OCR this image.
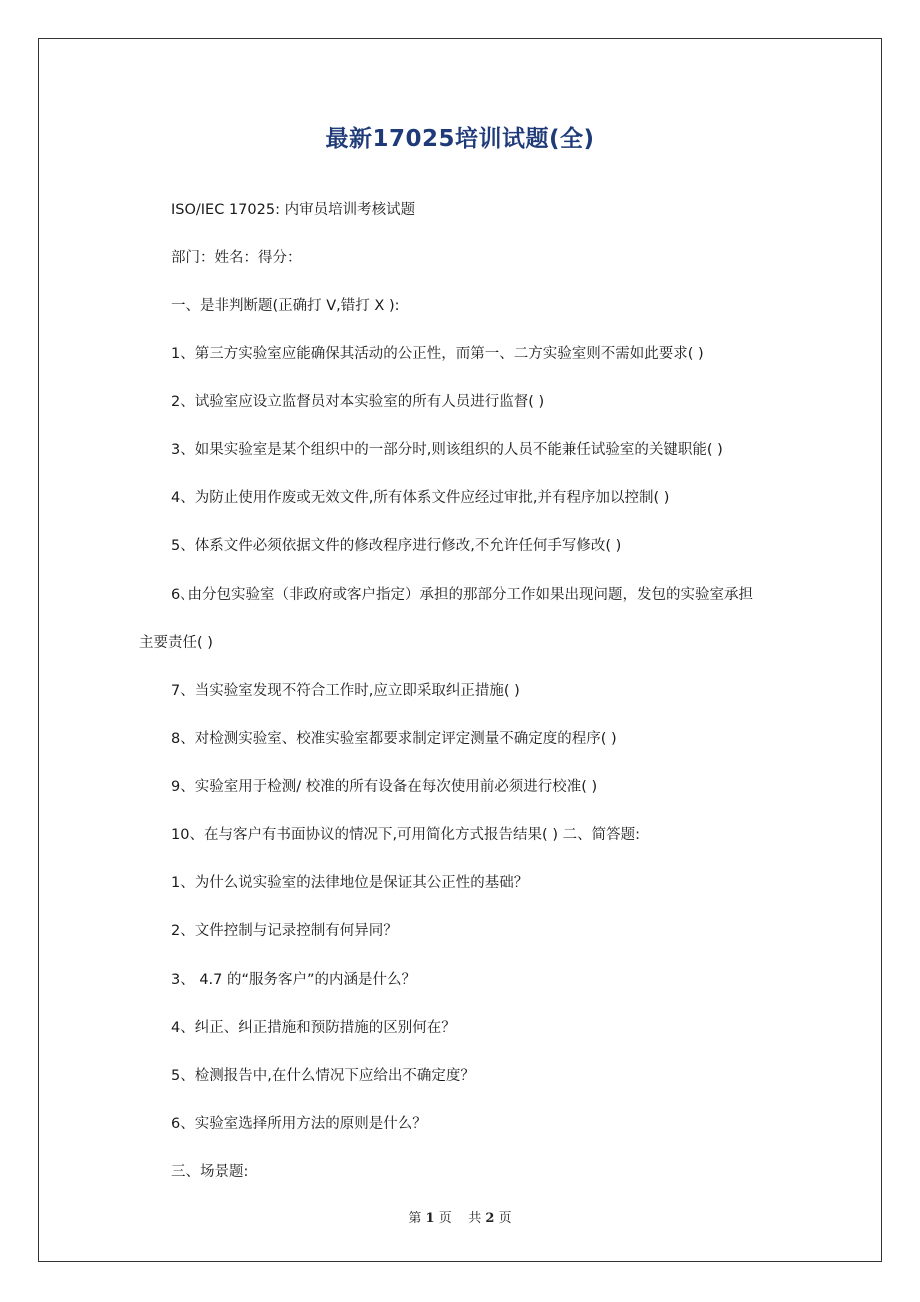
最新17025培训试题(全)
ISO/IEC 17025: 内审员培训考核试题
部门：姓名：得分：
一、是非判断题(正确打 V,错打 X ):
1、第三方实验室应能确保其活动的公正性，而第一、二方实验室则不需如此要求( )
2、试验室应设立监督员对本实验室的所有人员进行监督( )
3、如果实验室是某个组织中的一部分时,则该组织的人员不能兼任试验室的关键职能( )
4、为防止使用作废或无效文件,所有体系文件应经过审批,并有程序加以控制( )
5、体系文件必须依据文件的修改程序进行修改,不允许任何手写修改( )
6､由分包实验室（非政府或客户指定）承担的那部分工作如果出现问题，发包的实验室承担
主要责任( )
7、当实验室发现不符合工作时,应立即采取纠正措施( )
8、对检测实验室、校准实验室都要求制定评定测量不确定度的程序( )
9、实验室用于检测/ 校准的所有设备在每次使用前必须进行校准( )
10、在与客户有书面协议的情况下,可用简化方式报告结果( ) 二、简答题:
1、为什么说实验室的法律地位是保证其公正性的基础？
2、文件控制与记录控制有何异同？
3、 4.7 的“服务客户”的内涵是什么？
4、纠正、纠正措施和预防措施的区别何在？
5、检测报告中,在什么情况下应给出不确定度？
6、实验室选择所用方法的原则是什么？
三、场景题:
第 1 页 共 2 页
